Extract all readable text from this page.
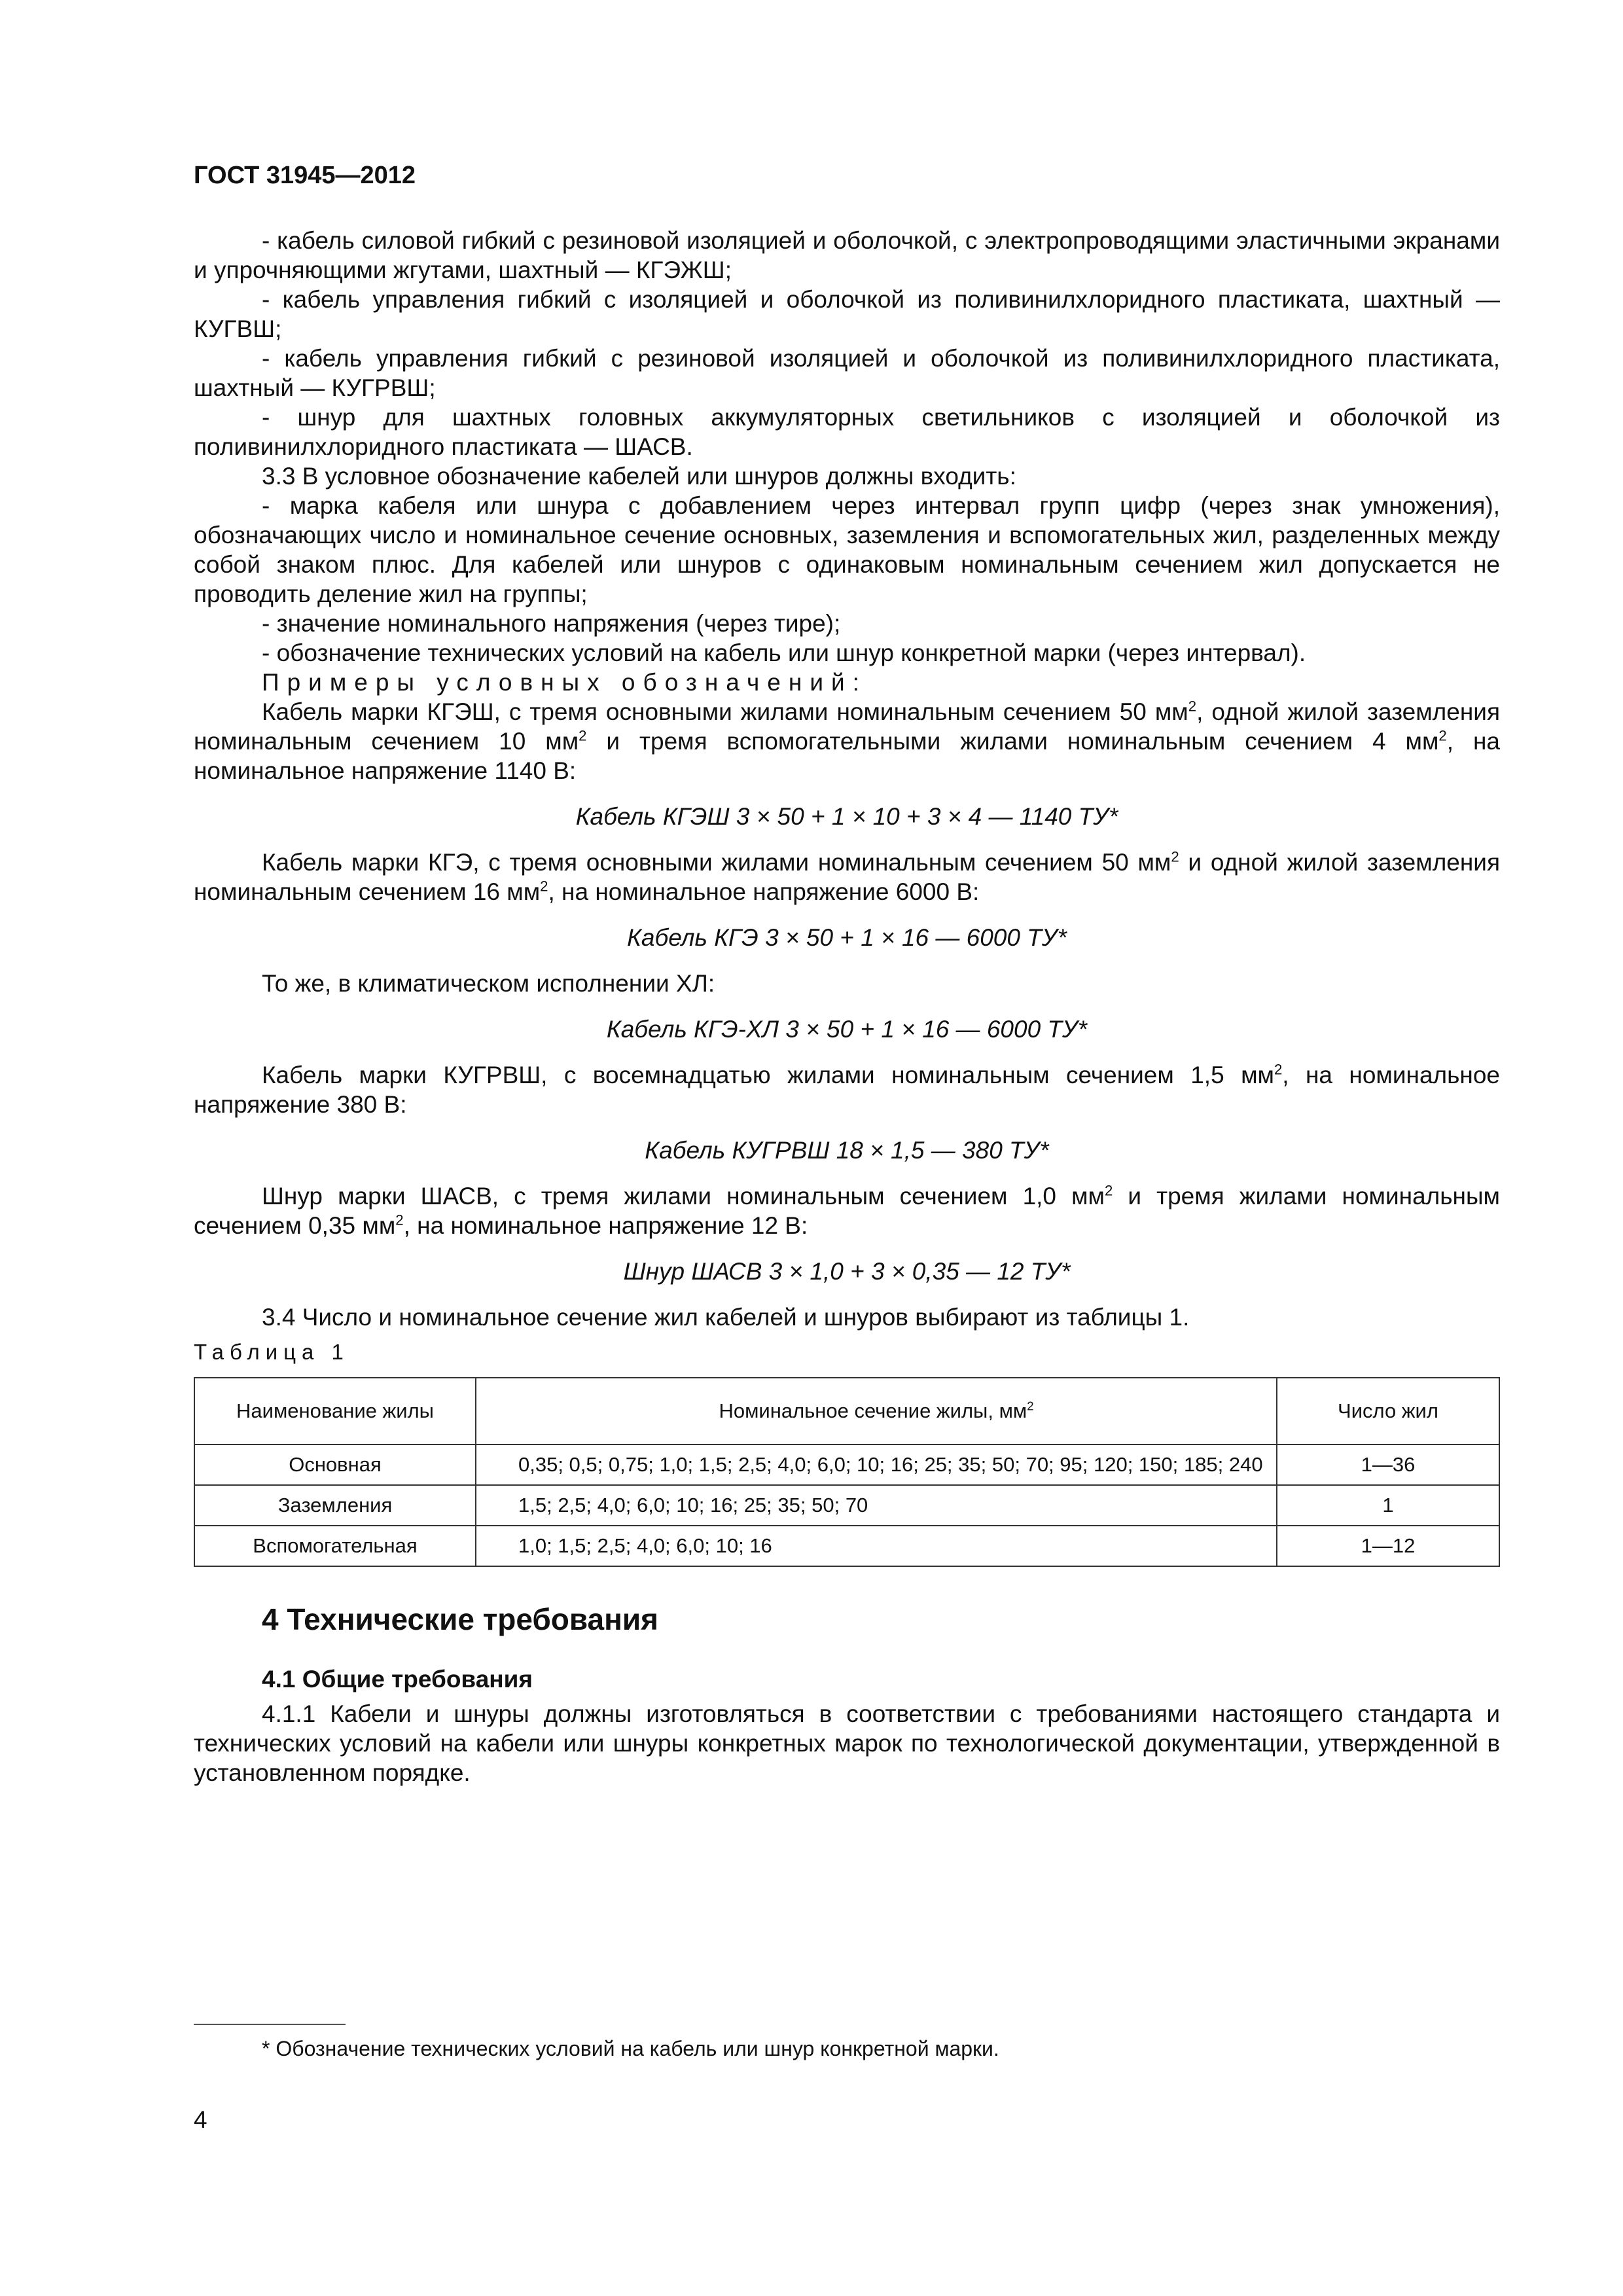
ГОСТ 31945—2012

- кабель силовой гибкий с резиновой изоляцией и оболочкой, с электропроводящими эластичными экранами и упрочняющими жгутами, шахтный — КГЭЖШ;

- кабель управления гибкий с изоляцией и оболочкой из поливинилхлоридного пластиката, шахтный — КУГВШ;

- кабель управления гибкий с резиновой изоляцией и оболочкой из поливинилхлоридного пластиката, шахтный — КУГРВШ;

- шнур для шахтных головных аккумуляторных светильников с изоляцией и оболочкой из поливинилхлоридного пластиката — ШАСВ.

3.3 В условное обозначение кабелей или шнуров должны входить:

- марка кабеля или шнура с добавлением через интервал групп цифр (через знак умножения), обозначающих число и номинальное сечение основных, заземления и вспомогательных жил, разделенных между собой знаком плюс. Для кабелей или шнуров с одинаковым номинальным сечением жил допускается не проводить деление жил на группы;

- значение номинального напряжения (через тире);

- обозначение технических условий на кабель или шнур конкретной марки (через интервал).

Примеры условных обозначений:

Кабель марки КГЭШ, с тремя основными жилами номинальным сечением 50 $мм^2$, одной жилой заземления номинальным сечением 10 $мм^2$ и тремя вспомогательными жилами номинальным сечением 4 $мм^2$, на номинальное напряжение 1140 В:

Кабель КГЭШ 3 × 50 + 1 × 10 + 3 × 4 — 1140 ТУ*

Кабель марки КГЭ, с тремя основными жилами номинальным сечением 50 $мм^2$ и одной жилой заземления номинальным сечением 16 $мм^2$, на номинальное напряжение 6000 В:

Кабель КГЭ 3 × 50 + 1 × 16 — 6000 ТУ*

То же, в климатическом исполнении ХЛ:

Кабель КГЭ-ХЛ 3 × 50 + 1 × 16 — 6000 ТУ*

Кабель марки КУГРВШ, с восемнадцатью жилами номинальным сечением 1,5 $мм^2$, на номинальное напряжение 380 В:

Кабель КУГРВШ 18 × 1,5 — 380 ТУ*

Шнур марки ШАСВ, с тремя жилами номинальным сечением 1,0 $мм^2$ и тремя жилами номинальным сечением 0,35 $мм^2$, на номинальное напряжение 12 В:

Шнур ШАСВ 3 × 1,0 + 3 × 0,35 — 12 ТУ*

3.4 Число и номинальное сечение жил кабелей и шнуров выбирают из таблицы 1.

Таблица 1
Наименование жилы	Номинальное сечение жилы, $мм^2$	Число жил
Основная	0,35; 0,5; 0,75; 1,0; 1,5; 2,5; 4,0; 6,0; 10; 16; 25; 35; 50; 70; 95; 120; 150; 185; 240	1—36
Заземления	1,5; 2,5; 4,0; 6,0; 10; 16; 25; 35; 50; 70	1
Вспомогательная	1,0; 1,5; 2,5; 4,0; 6,0; 10; 16	1—12
4 Технические требования
4.1 Общие требования

4.1.1 Кабели и шнуры должны изготовляться в соответствии с требованиями настоящего стандарта и технических условий на кабели или шнуры конкретных марок по технологической документации, утвержденной в установленном порядке.

* Обозначение технических условий на кабель или шнур конкретной марки.
4
